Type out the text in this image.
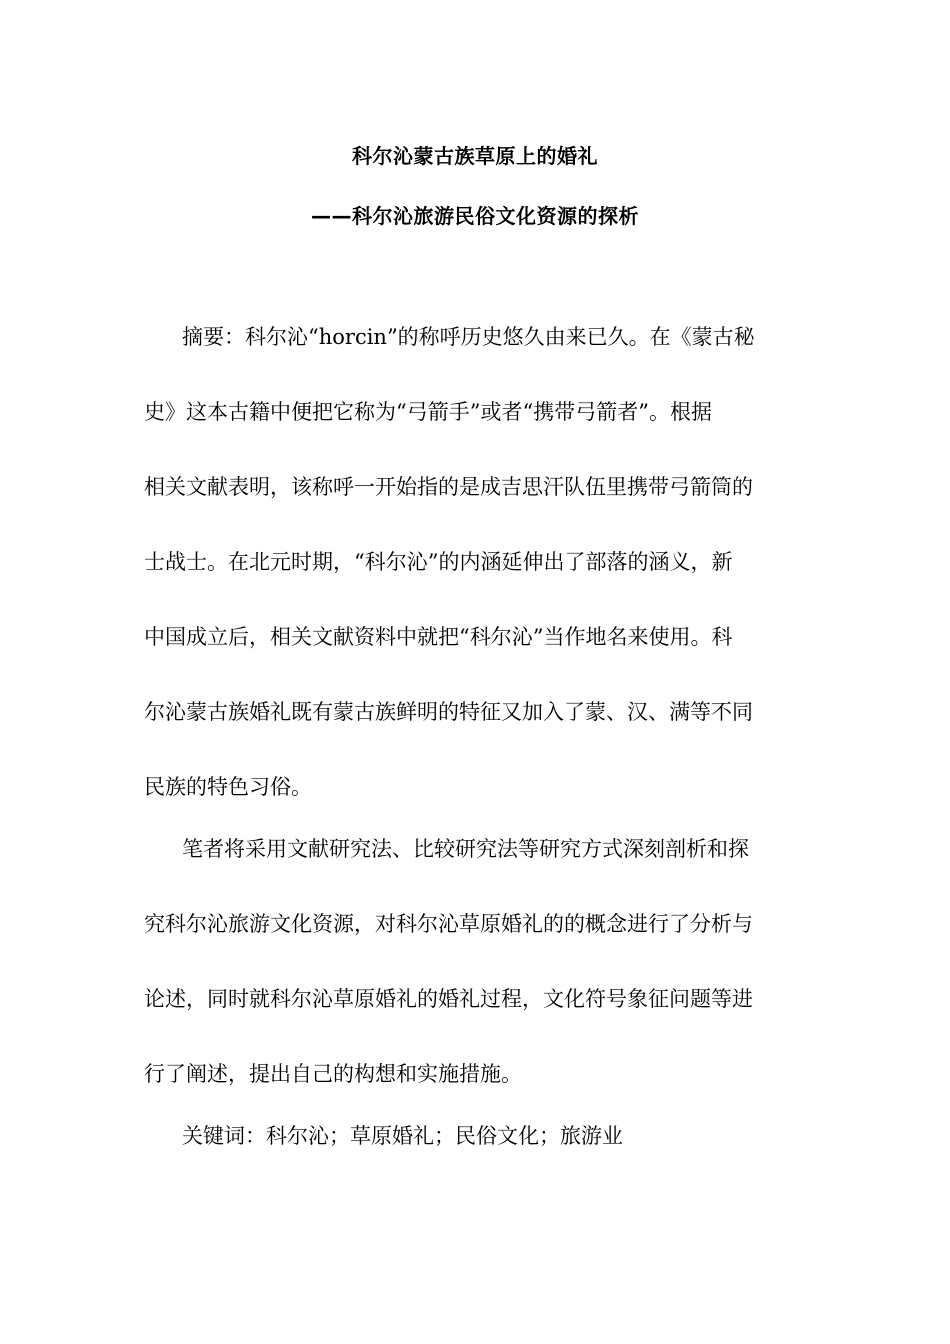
科尔沁蒙古族草原上的婚礼
——科尔沁旅游民俗文化资源的探析
摘要：科尔沁“horcin”的称呼历史悠久由来已久。在《蒙古秘
史》这本古籍中便把它称为“弓箭手”或者“携带弓箭者”。根据
相关文献表明，该称呼一开始指的是成吉思汗队伍里携带弓箭筒的
士战士。在北元时期，“科尔沁”的内涵延伸出了部落的涵义，新
中国成立后，相关文献资料中就把“科尔沁”当作地名来使用。科
尔沁蒙古族婚礼既有蒙古族鲜明的特征又加入了蒙、汉、满等不同
民族的特色习俗。
笔者将采用文献研究法、比较研究法等研究方式深刻剖析和探
究科尔沁旅游文化资源，对科尔沁草原婚礼的的概念进行了分析与
论述，同时就科尔沁草原婚礼的婚礼过程，文化符号象征问题等进
行了阐述，提出自己的构想和实施措施。
关键词：科尔沁；草原婚礼；民俗文化；旅游业
